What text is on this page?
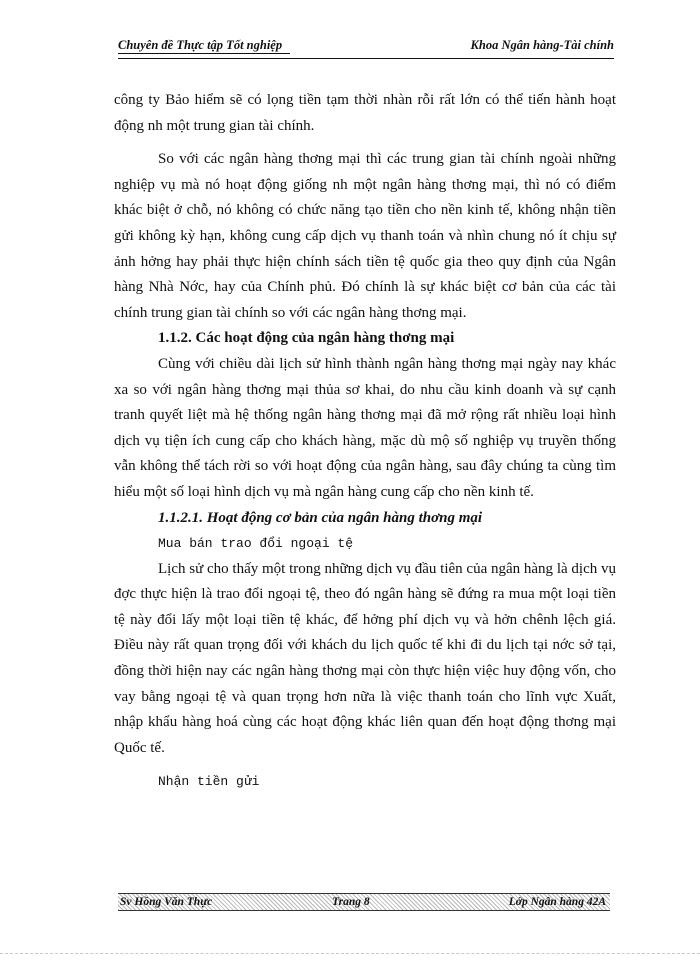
Chuyên đề Thực tập Tốt nghiệp	Khoa Ngân hàng-Tài chính

công ty Bảo hiểm sẽ có lọng tiền tạm thời nhàn rỗi rất lớn có thể tiến hành hoạt động nh một trung gian tài chính.

So với các ngân hàng thơng mại thì các trung gian tài chính ngoài những nghiệp vụ mà nó hoạt động giống nh một ngân hàng thơng mại, thì nó có điểm khác biệt ở chỗ, nó không có chức năng tạo tiền cho nền kinh tế, không nhận tiền gửi không kỳ hạn, không cung cấp dịch vụ thanh toán và nhìn chung nó ít chịu sự ảnh hởng hay phải thực hiện chính sách tiền tệ quốc gia theo quy định của Ngân hàng Nhà Nớc, hay của Chính phủ. Đó chính là sự khác biệt cơ bản của các tài chính trung gian tài chính so với các ngân hàng thơng mại.

1.1.2. Các hoạt động của ngân hàng thơng mại

Cùng với chiều dài lịch sử hình thành ngân hàng thơng mại ngày nay khác xa so với ngân hàng thơng mại thủa sơ khai, do nhu cầu kinh doanh và sự cạnh tranh quyết liệt mà hệ thống ngân hàng thơng mại đã mở rộng rất nhiều loại hình dịch vụ tiện ích cung cấp cho khách hàng, mặc dù mộ số nghiệp vụ truyền thống vẫn không thể tách rời so với hoạt động của ngân hàng, sau đây chúng ta cùng tìm hiểu một số loại hình dịch vụ mà ngân hàng cung cấp cho nền kinh tế.

1.1.2.1. Hoạt động cơ bản của ngân hàng thơng mại

Mua bán trao đổi ngoại tệ

Lịch sử cho thấy một trong những dịch vụ đầu tiên của ngân hàng là dịch vụ đợc thực hiện là trao đổi ngoại tệ, theo đó ngân hàng sẽ đứng ra mua một loại tiền tệ này đổi lấy một loại tiền tệ khác, để hởng phí dịch vụ và hởn chênh lệch giá. Điều này rất quan trọng đối với khách du lịch quốc tế khi đi du lịch tại nớc sở tại, đồng thời hiện nay các ngân hàng thơng mại còn thực hiện việc huy động vốn, cho vay bằng ngoại tệ và quan trọng hơn nữa là việc thanh toán cho lĩnh vực Xuất, nhập khẩu hàng hoá cùng các hoạt động khác liên quan đến hoạt động thơng mại Quốc tế.

Nhận tiền gửi

Sv Hồng Văn Thực	Trang 8	Lớp Ngân hàng 42A
